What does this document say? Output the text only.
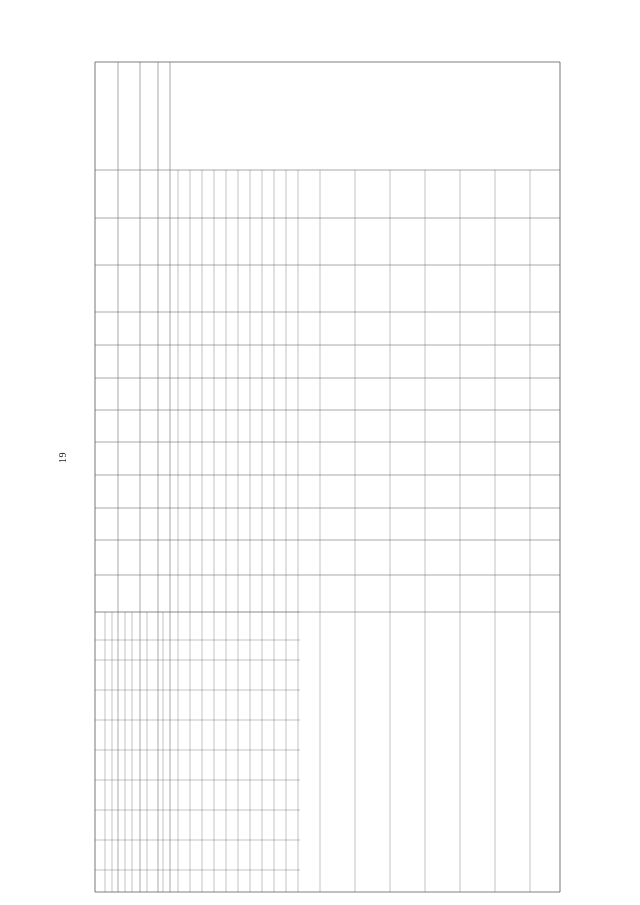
19
